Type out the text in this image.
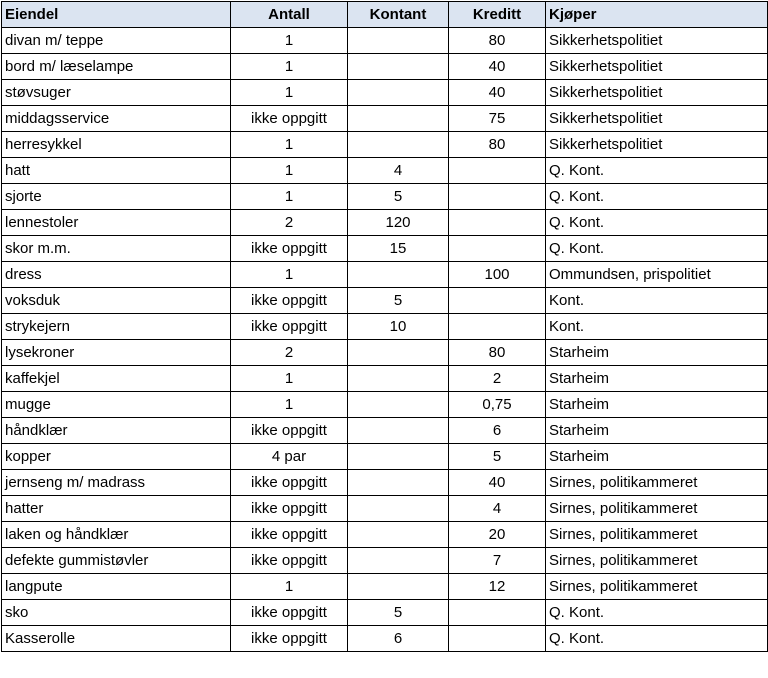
Eiendel	Antall	Kontant	Kreditt	Kjøper
divan m/ teppe	1		80	Sikkerhetspolitiet
bord m/ læselampe	1		40	Sikkerhetspolitiet
støvsuger	1		40	Sikkerhetspolitiet
middagsservice	ikke oppgitt		75	Sikkerhetspolitiet
herresykkel	1		80	Sikkerhetspolitiet
hatt	1	4		Q. Kont.
sjorte	1	5		Q. Kont.
lennestoler	2	120		Q. Kont.
skor m.m.	ikke oppgitt	15		Q. Kont.
dress	1		100	Ommundsen, prispolitiet
voksduk	ikke oppgitt	5		Kont.
strykejern	ikke oppgitt	10		Kont.
lysekroner	2		80	Starheim
kaffekjel	1		2	Starheim
mugge	1		0,75	Starheim
håndklær	ikke oppgitt		6	Starheim
kopper	4 par		5	Starheim
jernseng m/ madrass	ikke oppgitt		40	Sirnes, politikammeret
hatter	ikke oppgitt		4	Sirnes, politikammeret
laken og håndklær	ikke oppgitt		20	Sirnes, politikammeret
defekte gummistøvler	ikke oppgitt		7	Sirnes, politikammeret
langpute	1		12	Sirnes, politikammeret
sko	ikke oppgitt	5		Q. Kont.
Kasserolle	ikke oppgitt	6		Q. Kont.
